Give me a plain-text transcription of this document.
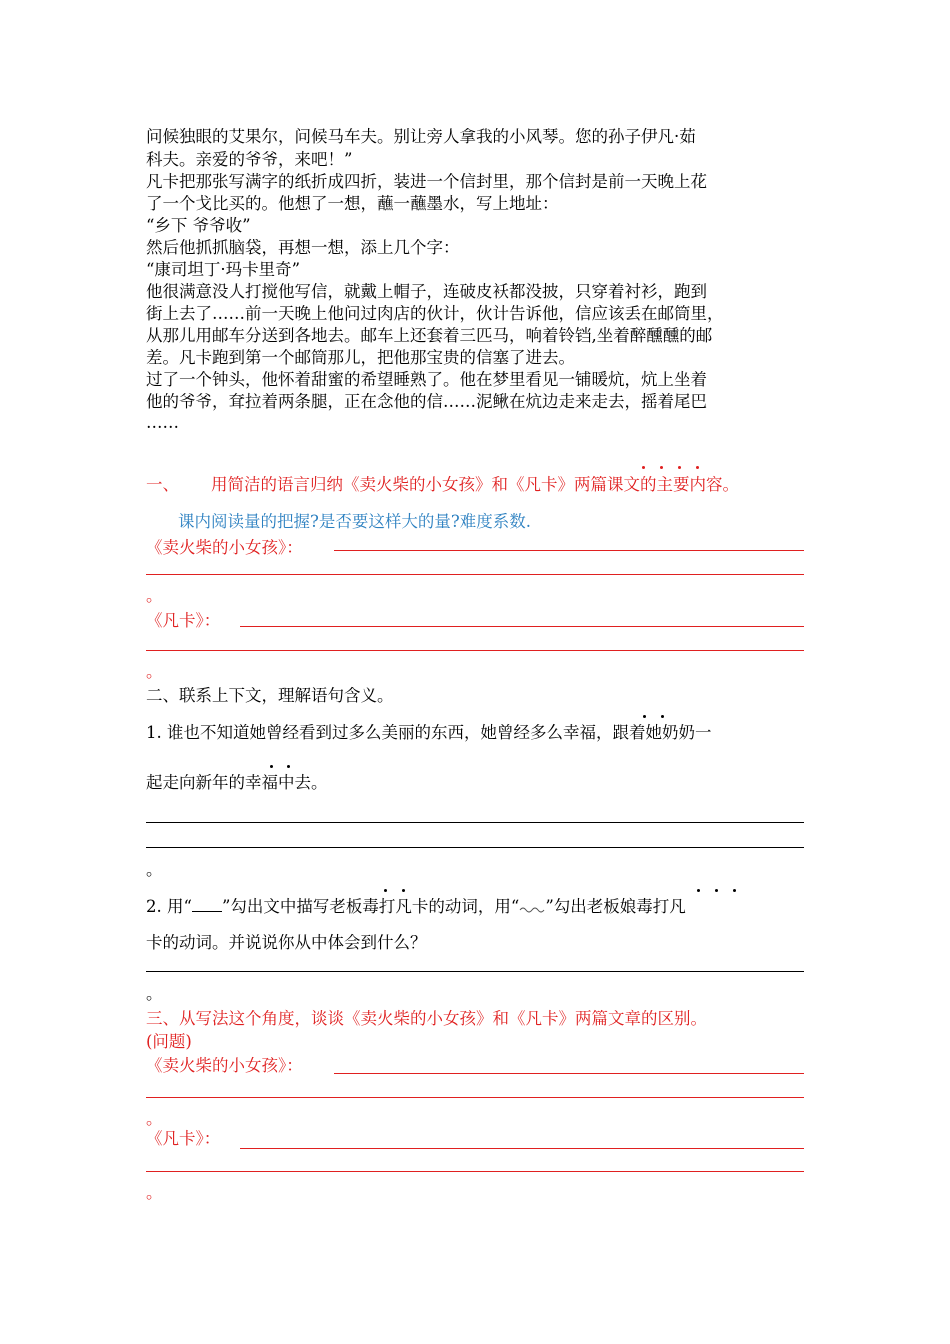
问候独眼的艾果尔，问候马车夫。别让旁人拿我的小风琴。您的孙子伊凡·茹
科夫。亲爱的爷爷，来吧！”
凡卡把那张写满字的纸折成四折，装进一个信封里，那个信封是前一天晚上花
了一个戈比买的。他想了一想，蘸一蘸墨水，写上地址：
“乡下 爷爷收”
然后他抓抓脑袋，再想一想，添上几个字：
“康司坦丁·玛卡里奇”
他很满意没人打搅他写信，就戴上帽子，连破皮袄都没披，只穿着衬衫，跑到
街上去了……前一天晚上他问过肉店的伙计，伙计告诉他，信应该丢在邮筒里，
从那儿用邮车分送到各地去。邮车上还套着三匹马，响着铃铛,坐着醉醺醺的邮
差。凡卡跑到第一个邮筒那儿，把他那宝贵的信塞了进去。
过了一个钟头，他怀着甜蜜的希望睡熟了。他在梦里看见一铺暖炕，炕上坐着
他的爷爷，耷拉着两条腿，正在念他的信……泥鳅在炕边走来走去，摇着尾巴
……
一、 用简洁的语言归纳《卖火柴的小女孩》和《凡卡》两篇课文的主要内容。
课内阅读量的把握?是否要这样大的量?难度系数.
《卖火柴的小女孩》：
。
《凡卡》：
。
二、联系上下文，理解语句含义。
1. 谁也不知道她曾经看到过多么美丽的东西，她曾经多么幸福，跟着她奶奶一
起走向新年的幸福中去。
。
2. 用“ ”勾出文中描写老板毒打凡卡的动词，用“ ”勾出老板娘毒打凡
卡的动词。并说说你从中体会到什么？
。
三、从写法这个角度，谈谈《卖火柴的小女孩》和《凡卡》两篇文章的区别。
(问题)
《卖火柴的小女孩》：
。
《凡卡》：
。
